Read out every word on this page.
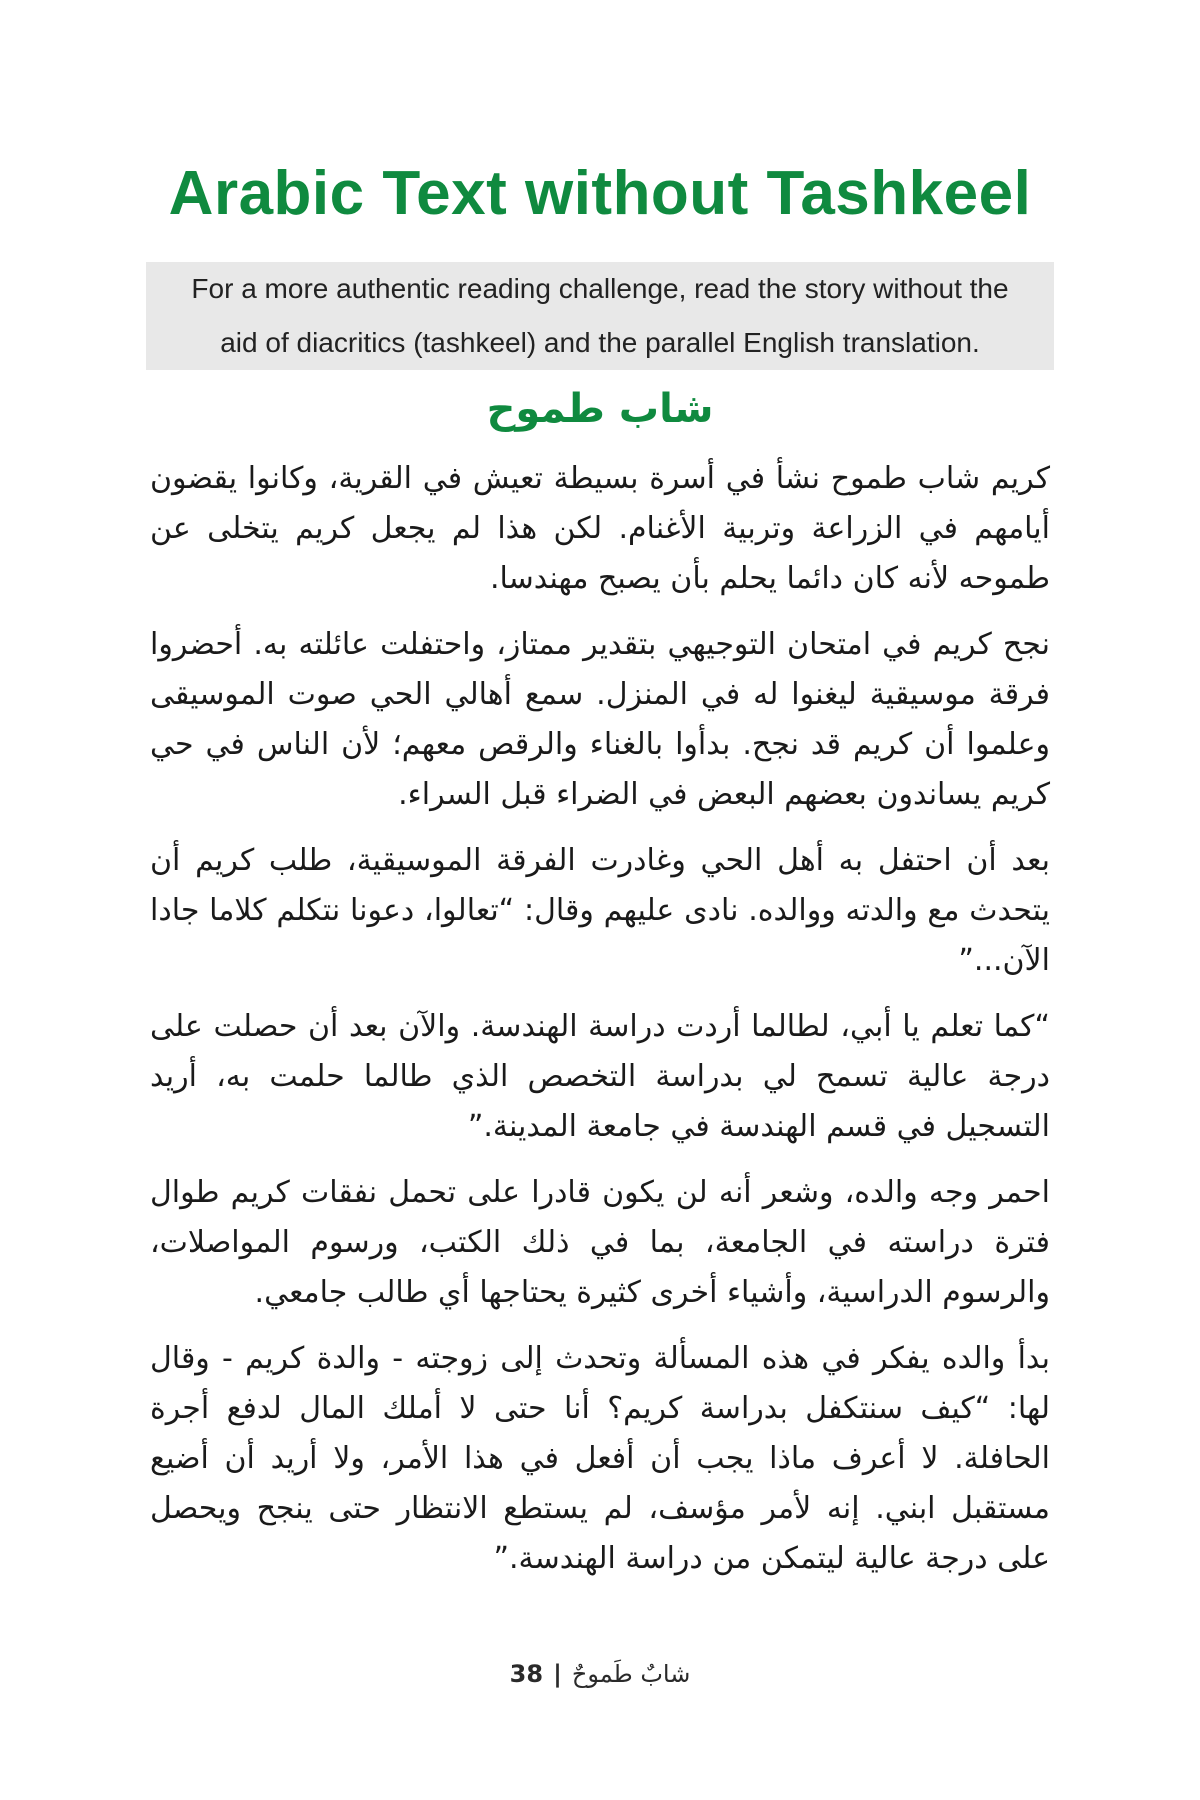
Arabic Text without Tashkeel
For a more authentic reading challenge, read the story without the
aid of diacritics (tashkeel) and the parallel English translation.
شاب طموح

كريم شاب طموح نشأ في أسرة بسيطة تعيش في القرية، وكانوا يقضون أيامهم في الزراعة وتربية الأغنام. لكن هذا لم يجعل كريم يتخلى عن طموحه لأنه كان دائما يحلم بأن يصبح مهندسا.

نجح كريم في امتحان التوجيهي بتقدير ممتاز، واحتفلت عائلته به. أحضروا فرقة موسيقية ليغنوا له في المنزل. سمع أهالي الحي صوت الموسيقى وعلموا أن كريم قد نجح. بدأوا بالغناء والرقص معهم؛ لأن الناس في حي كريم يساندون بعضهم البعض في الضراء قبل السراء.

بعد أن احتفل به أهل الحي وغادرت الفرقة الموسيقية، طلب كريم أن يتحدث مع والدته ووالده. نادى عليهم وقال: “تعالوا، دعونا نتكلم كلاما جادا الآن...”

“كما تعلم يا أبي، لطالما أردت دراسة الهندسة. والآن بعد أن حصلت على درجة عالية تسمح لي بدراسة التخصص الذي طالما حلمت به، أريد التسجيل في قسم الهندسة في جامعة المدينة.”

احمر وجه والده، وشعر أنه لن يكون قادرا على تحمل نفقات كريم طوال فترة دراسته في الجامعة، بما في ذلك الكتب، ورسوم المواصلات، والرسوم الدراسية، وأشياء أخرى كثيرة يحتاجها أي طالب جامعي.

بدأ والده يفكر في هذه المسألة وتحدث إلى زوجته - والدة كريم - وقال لها: “كيف سنتكفل بدراسة كريم؟ أنا حتى لا أملك المال لدفع أجرة الحافلة. لا أعرف ماذا يجب أن أفعل في هذا الأمر، ولا أريد أن أضيع مستقبل ابني. إنه لأمر مؤسف، لم يستطع الانتظار حتى ينجح ويحصل على درجة عالية ليتمكن من دراسة الهندسة.”

38 | شابٌ طَموحٌ
